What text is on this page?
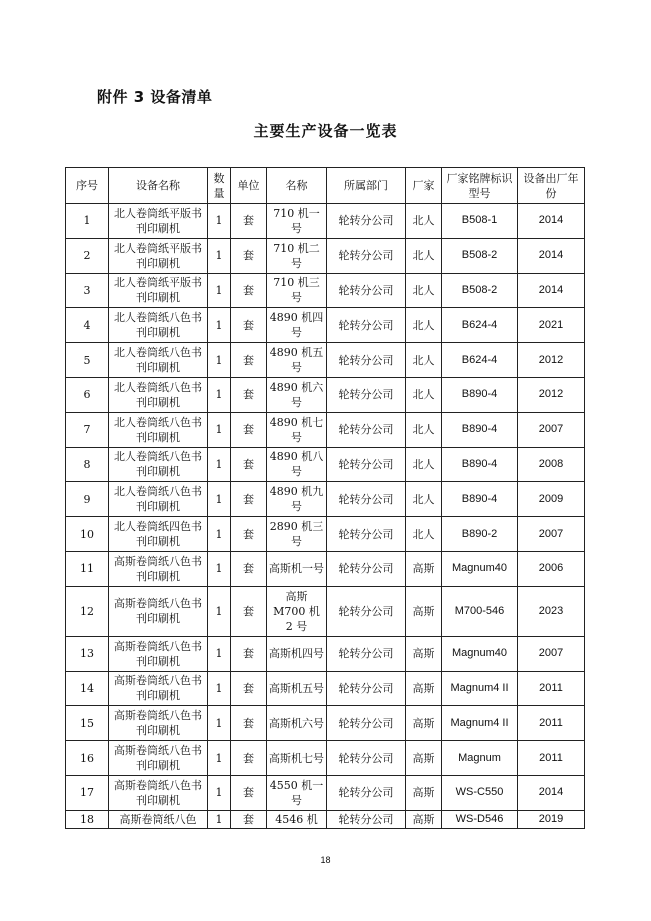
附件 3 设备清单
主要生产设备一览表
序号	设备名称	数量	单位	名称	所属部门	厂家	厂家铭牌标识型号	设备出厂年份
1	北人卷筒纸平版书刊印刷机	1	套	710 机一号	轮转分公司	北人	B508-1	2014
2	北人卷筒纸平版书刊印刷机	1	套	710 机二号	轮转分公司	北人	B508-2	2014
3	北人卷筒纸平版书刊印刷机	1	套	710 机三号	轮转分公司	北人	B508-2	2014
4	北人卷筒纸八色书刊印刷机	1	套	4890 机四号	轮转分公司	北人	B624-4	2021
5	北人卷筒纸八色书刊印刷机	1	套	4890 机五号	轮转分公司	北人	B624-4	2012
6	北人卷筒纸八色书刊印刷机	1	套	4890 机六号	轮转分公司	北人	B890-4	2012
7	北人卷筒纸八色书刊印刷机	1	套	4890 机七号	轮转分公司	北人	B890-4	2007
8	北人卷筒纸八色书刊印刷机	1	套	4890 机八号	轮转分公司	北人	B890-4	2008
9	北人卷筒纸八色书刊印刷机	1	套	4890 机九号	轮转分公司	北人	B890-4	2009
10	北人卷筒纸四色书刊印刷机	1	套	2890 机三号	轮转分公司	北人	B890-2	2007
11	高斯卷筒纸八色书刊印刷机	1	套	高斯机一号	轮转分公司	高斯	Magnum40	2006
12	高斯卷筒纸八色书刊印刷机	1	套	高斯 M700 机 2 号	轮转分公司	高斯	M700-546	2023
13	高斯卷筒纸八色书刊印刷机	1	套	高斯机四号	轮转分公司	高斯	Magnum40	2007
14	高斯卷筒纸八色书刊印刷机	1	套	高斯机五号	轮转分公司	高斯	Magnum4 II	2011
15	高斯卷筒纸八色书刊印刷机	1	套	高斯机六号	轮转分公司	高斯	Magnum4 II	2011
16	高斯卷筒纸八色书刊印刷机	1	套	高斯机七号	轮转分公司	高斯	Magnum	2011
17	高斯卷筒纸八色书刊印刷机	1	套	4550 机一号	轮转分公司	高斯	WS-C550	2014
18	高斯卷筒纸八色	1	套	4546 机	轮转分公司	高斯	WS-D546	2019
18
